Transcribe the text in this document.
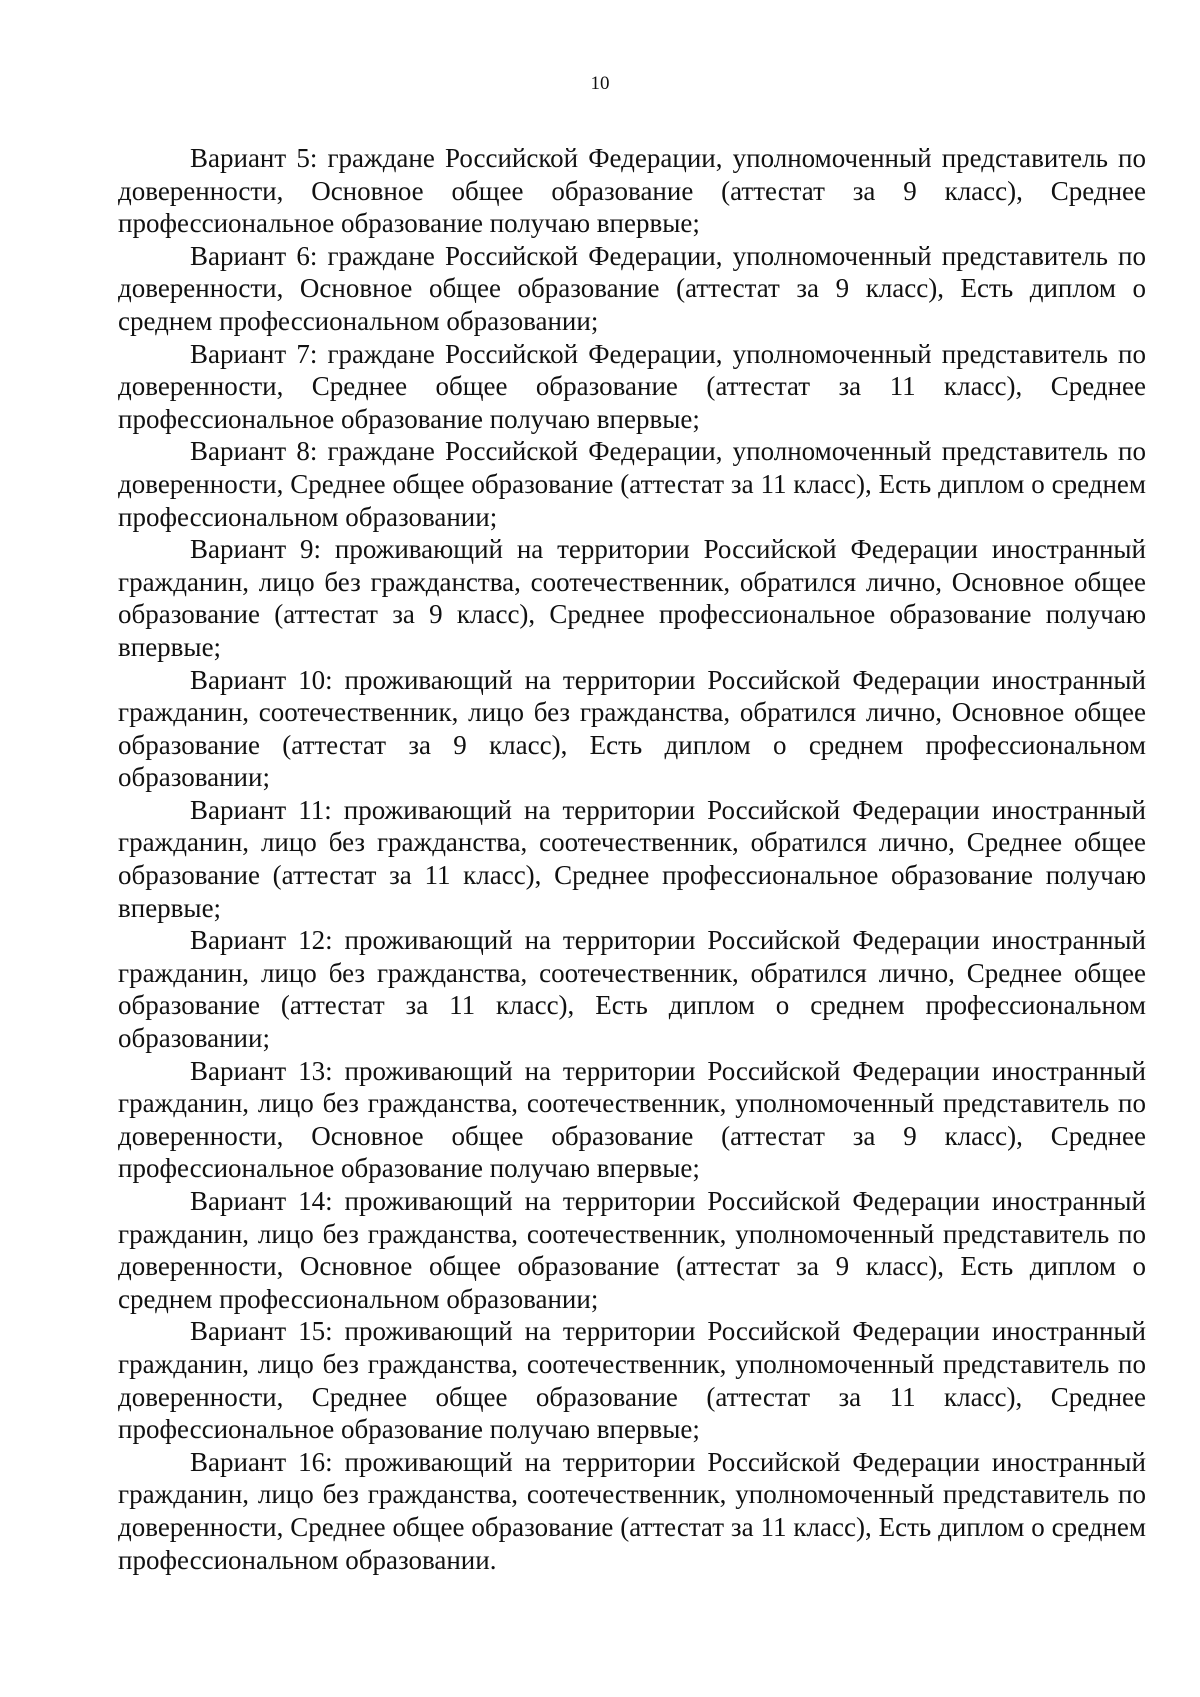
10

Вариант 5: граждане Российской Федерации, уполномоченный представитель по доверенности, Основное общее образование (аттестат за 9 класс), Среднее профессиональное образование получаю впервые;

Вариант 6: граждане Российской Федерации, уполномоченный представитель по доверенности, Основное общее образование (аттестат за 9 класс), Есть диплом о среднем профессиональном образовании;

Вариант 7: граждане Российской Федерации, уполномоченный представитель по доверенности, Среднее общее образование (аттестат за 11 класс), Среднее профессиональное образование получаю впервые;

Вариант 8: граждане Российской Федерации, уполномоченный представитель по доверенности, Среднее общее образование (аттестат за 11 класс), Есть диплом о среднем профессиональном образовании;

Вариант 9: проживающий на территории Российской Федерации иностранный гражданин, лицо без гражданства, соотечественник, обратился лично, Основное общее образование (аттестат за 9 класс), Среднее профессиональное образование получаю впервые;

Вариант 10: проживающий на территории Российской Федерации иностранный гражданин, соотечественник, лицо без гражданства, обратился лично, Основное общее образование (аттестат за 9 класс), Есть диплом о среднем профессиональном образовании;

Вариант 11: проживающий на территории Российской Федерации иностранный гражданин, лицо без гражданства, соотечественник, обратился лично, Среднее общее образование (аттестат за 11 класс), Среднее профессиональное образование получаю впервые;

Вариант 12: проживающий на территории Российской Федерации иностранный гражданин, лицо без гражданства, соотечественник, обратился лично, Среднее общее образование (аттестат за 11 класс), Есть диплом о среднем профессиональном образовании;

Вариант 13: проживающий на территории Российской Федерации иностранный гражданин, лицо без гражданства, соотечественник, уполномоченный представитель по доверенности, Основное общее образование (аттестат за 9 класс), Среднее профессиональное образование получаю впервые;

Вариант 14: проживающий на территории Российской Федерации иностранный гражданин, лицо без гражданства, соотечественник, уполномоченный представитель по доверенности, Основное общее образование (аттестат за 9 класс), Есть диплом о среднем профессиональном образовании;

Вариант 15: проживающий на территории Российской Федерации иностранный гражданин, лицо без гражданства, соотечественник, уполномоченный представитель по доверенности, Среднее общее образование (аттестат за 11 класс), Среднее профессиональное образование получаю впервые;

Вариант 16: проживающий на территории Российской Федерации иностранный гражданин, лицо без гражданства, соотечественник, уполномоченный представитель по доверенности, Среднее общее образование (аттестат за 11 класс), Есть диплом о среднем профессиональном образовании.
